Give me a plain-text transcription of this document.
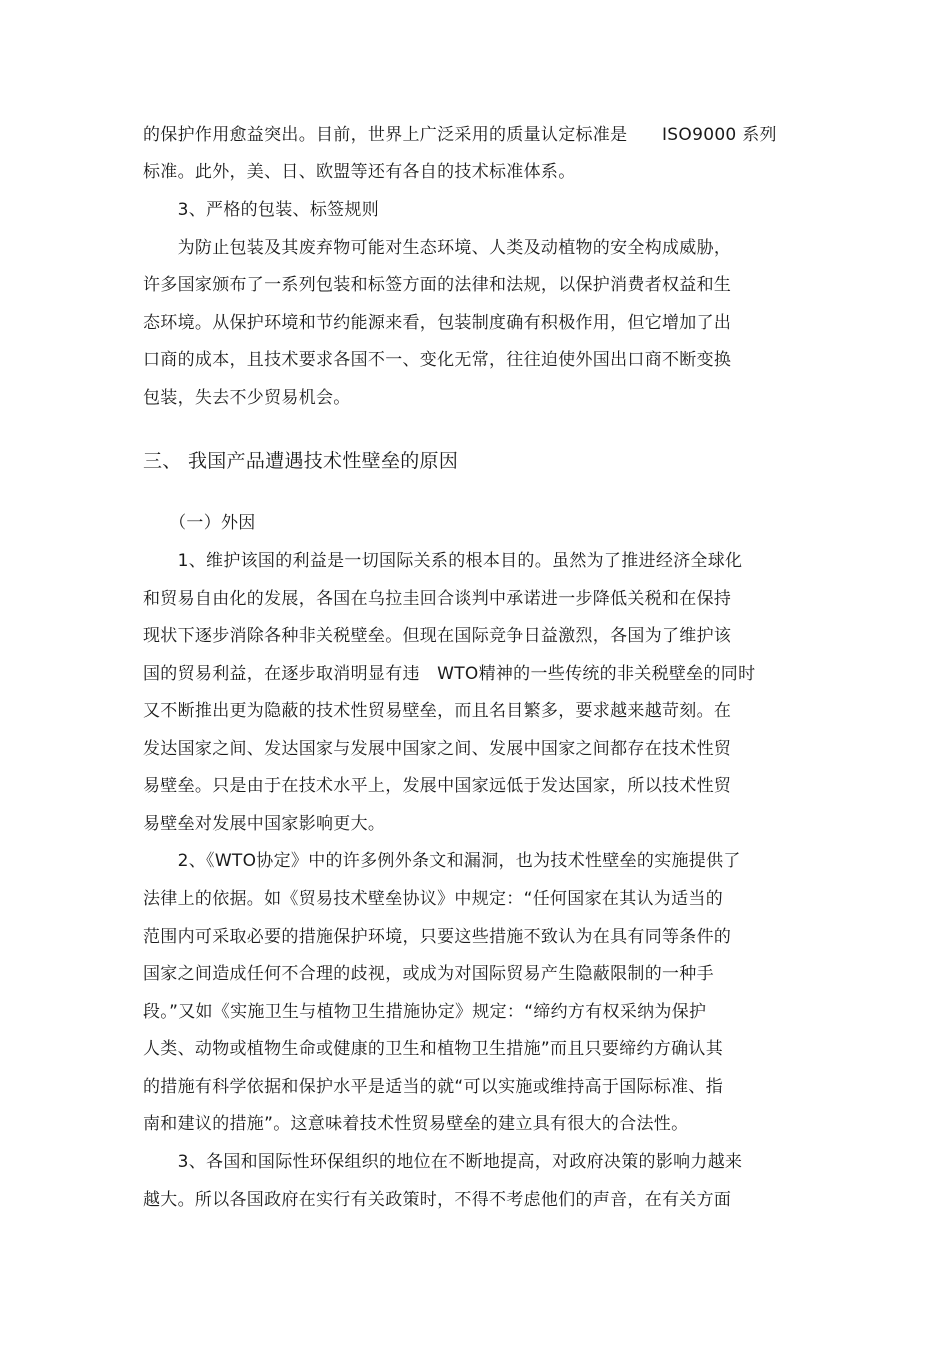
的保护作用愈益突出。目前，世界上广泛采用的质量认定标准是　　ISO9000 系列
标准。此外，美、日、欧盟等还有各自的技术标准体系。
　　3、严格的包装、标签规则
　　为防止包装及其废弃物可能对生态环境、人类及动植物的安全构成威胁，
许多国家颁布了一系列包装和标签方面的法律和法规，以保护消费者权益和生
态环境。从保护环境和节约能源来看，包装制度确有积极作用，但它增加了出
口商的成本，且技术要求各国不一、变化无常，往往迫使外国出口商不断变换
包装，失去不少贸易机会。
三、 我国产品遭遇技术性壁垒的原因
　　（一）外因
　　1、维护该国的利益是一切国际关系的根本目的。虽然为了推进经济全球化
和贸易自由化的发展，各国在乌拉圭回合谈判中承诺进一步降低关税和在保持
现状下逐步消除各种非关税壁垒。但现在国际竞争日益激烈，各国为了维护该
国的贸易利益，在逐步取消明显有违　WTO精神的一些传统的非关税壁垒的同时
又不断推出更为隐蔽的技术性贸易壁垒，而且名目繁多，要求越来越苛刻。在
发达国家之间、发达国家与发展中国家之间、发展中国家之间都存在技术性贸
易壁垒。只是由于在技术水平上，发展中国家远低于发达国家，所以技术性贸
易壁垒对发展中国家影响更大。
　　2、《WTO协定》中的许多例外条文和漏洞，也为技术性壁垒的实施提供了
法律上的依据。如《贸易技术壁垒协议》中规定：“任何国家在其认为适当的
范围内可采取必要的措施保护环境，只要这些措施不致认为在具有同等条件的
国家之间造成任何不合理的歧视，或成为对国际贸易产生隐蔽限制的一种手
段。”又如《实施卫生与植物卫生措施协定》规定：“缔约方有权采纳为保护
人类、动物或植物生命或健康的卫生和植物卫生措施”而且只要缔约方确认其
的措施有科学依据和保护水平是适当的就“可以实施或维持高于国际标准、指
南和建议的措施”。这意味着技术性贸易壁垒的建立具有很大的合法性。
　　3、各国和国际性环保组织的地位在不断地提高，对政府决策的影响力越来
越大。所以各国政府在实行有关政策时，不得不考虑他们的声音，在有关方面
